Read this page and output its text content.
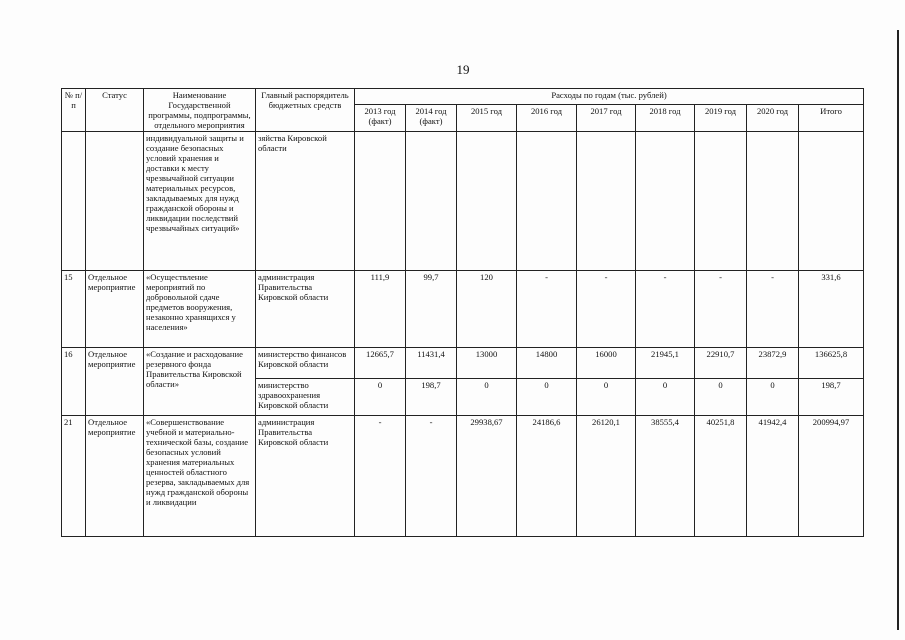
19
№ п/п	Статус	Наименование Государственной программы, подпрограммы, отдельного мероприятия	Главный распорядитель бюджетных средств	Расходы по годам (тыс. рублей)								
				2013 год (факт)	2014 год (факт)	2015 год	2016 год	2017 год	2018 год	2019 год	2020 год	Итого
		индивидуальной защиты и создание безопасных условий хранения и доставки к месту чрезвычайной ситуации материальных ресурсов, закладываемых для нужд гражданской обороны и ликвидации последствий чрезвычайных ситуаций»	зяйства Кировской области									
15	Отдельное мероприятие	«Осуществление мероприятий по добровольной сдаче предметов вооружения, незаконно хранящихся у населения»	администрация Правительства Кировской области	111,9	99,7	120	-	-	-	-	-	331,6
16	Отдельное мероприятие	«Создание и расходование резервного фонда Правительства Кировской области»	министерство финансов Кировской области	12665,7	11431,4	13000	14800	16000	21945,1	22910,7	23872,9	136625,8
			министерство здравоохранения Кировской области	0	198,7	0	0	0	0	0	0	198,7
21	Отдельное мероприятие	«Совершенствование учебной и материально-технической базы, создание безопасных условий хранения материальных ценностей областного резерва, закладываемых для нужд гражданской обороны и ликвидации	администрация Правительства Кировской области	-	-	29938,67	24186,6	26120,1	38555,4	40251,8	41942,4	200994,97
